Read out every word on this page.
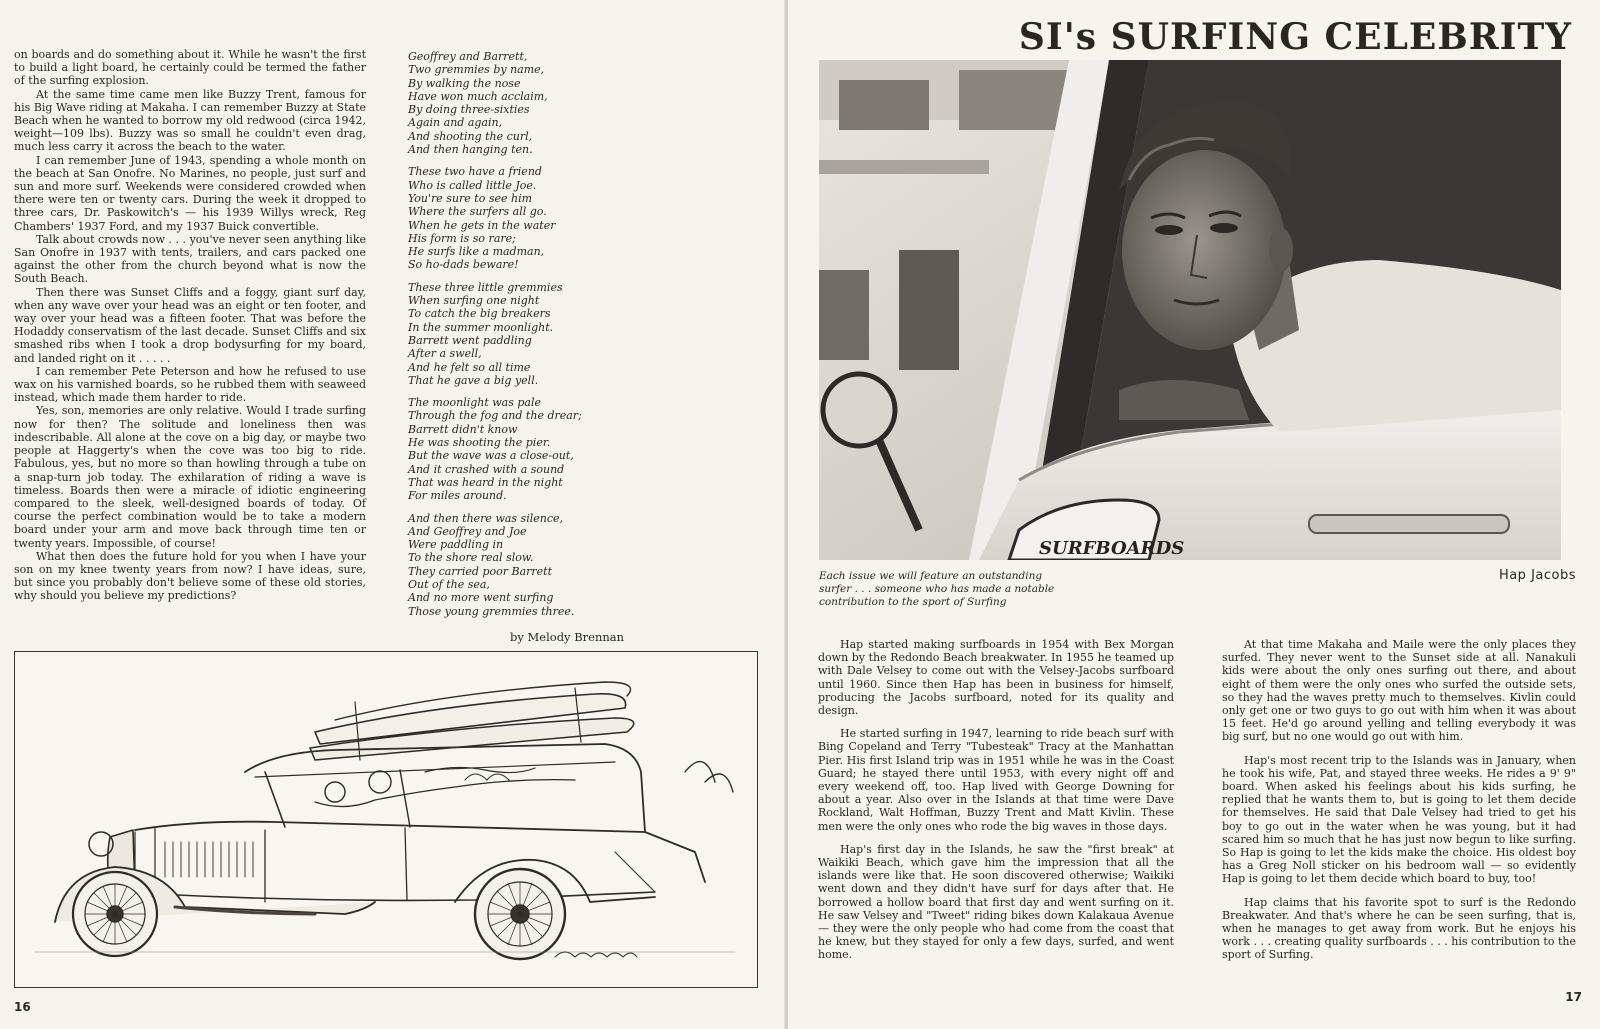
on boards and do something about it. While he wasn't the first to build a light board, he certainly could be termed the father of the surfing explosion.

At the same time came men like Buzzy Trent, famous for his Big Wave riding at Makaha. I can remember Buzzy at State Beach when he wanted to borrow my old redwood (circa 1942, weight—109 lbs). Buzzy was so small he couldn't even drag, much less carry it across the beach to the water.

I can remember June of 1943, spending a whole month on the beach at San Onofre. No Marines, no people, just surf and sun and more surf. Weekends were considered crowded when there were ten or twenty cars. During the week it dropped to three cars, Dr. Paskowitch's — his 1939 Willys wreck, Reg Chambers' 1937 Ford, and my 1937 Buick convertible.

Talk about crowds now . . . you've never seen anything like San Onofre in 1937 with tents, trailers, and cars packed one against the other from the church beyond what is now the South Beach.

Then there was Sunset Cliffs and a foggy, giant surf day, when any wave over your head was an eight or ten footer, and way over your head was a fifteen footer. That was before the Hodaddy conservatism of the last decade. Sunset Cliffs and six smashed ribs when I took a drop bodysurfing for my board, and landed right on it . . . . .

I can remember Pete Peterson and how he refused to use wax on his varnished boards, so he rubbed them with seaweed instead, which made them harder to ride.

Yes, son, memories are only relative. Would I trade surfing now for then? The solitude and loneliness then was indescribable. All alone at the cove on a big day, or maybe two people at Haggerty's when the cove was too big to ride. Fabulous, yes, but no more so than howling through a tube on a snap-turn job today. The exhilaration of riding a wave is timeless. Boards then were a miracle of idiotic engineering compared to the sleek, well-designed boards of today. Of course the perfect combination would be to take a modern board under your arm and move back through time ten or twenty years. Impossible, of course!

What then does the future hold for you when I have your son on my knee twenty years from now? I have ideas, sure, but since you probably don't believe some of these old stories, why should you believe my predictions?

Geoffrey and Barrett,
Two gremmies by name,
By walking the nose
Have won much acclaim,
By doing three-sixties
Again and again,
And shooting the curl,
And then hanging ten.
These two have a friend
Who is called little Joe.
You're sure to see him
Where the surfers all go.
When he gets in the water
His form is so rare;
He surfs like a madman,
So ho-dads beware!
These three little gremmies
When surfing one night
To catch the big breakers
In the summer moonlight.
Barrett went paddling
After a swell,
And he felt so all time
That he gave a big yell.
The moonlight was pale
Through the fog and the drear;
Barrett didn't know
He was shooting the pier.
But the wave was a close-out,
And it crashed with a sound
That was heard in the night
For miles around.
And then there was silence,
And Geoffrey and Joe
Were paddling in
To the shore real slow.
They carried poor Barrett
Out of the sea,
And no more went surfing
Those young gremmies three.
by Melody Brennan
16
SI's SURFING CELEBRITY
SURFBOARDS
Each issue we will feature an outstanding
surfer . . . someone who has made a notable
contribution to the sport of Surfing
Hap Jacobs

Hap started making surfboards in 1954 with Bex Morgan down by the Redondo Beach breakwater. In 1955 he teamed up with Dale Velsey to come out with the Velsey-Jacobs surfboard until 1960. Since then Hap has been in business for himself, producing the Jacobs surfboard, noted for its quality and design.

He started surfing in 1947, learning to ride beach surf with Bing Copeland and Terry "Tubesteak" Tracy at the Manhattan Pier. His first Island trip was in 1951 while he was in the Coast Guard; he stayed there until 1953, with every night off and every weekend off, too. Hap lived with George Downing for about a year. Also over in the Islands at that time were Dave Rockland, Walt Hoffman, Buzzy Trent and Matt Kivlin. These men were the only ones who rode the big waves in those days.

Hap's first day in the Islands, he saw the "first break" at Waikiki Beach, which gave him the impression that all the islands were like that. He soon discovered otherwise; Waikiki went down and they didn't have surf for days after that. He borrowed a hollow board that first day and went surfing on it. He saw Velsey and "Tweet" riding bikes down Kalakaua Avenue — they were the only people who had come from the coast that he knew, but they stayed for only a few days, surfed, and went home.

At that time Makaha and Maile were the only places they surfed. They never went to the Sunset side at all. Nanakuli kids were about the only ones surfing out there, and about eight of them were the only ones who surfed the outside sets, so they had the waves pretty much to themselves. Kivlin could only get one or two guys to go out with him when it was about 15 feet. He'd go around yelling and telling everybody it was big surf, but no one would go out with him.

Hap's most recent trip to the Islands was in January, when he took his wife, Pat, and stayed three weeks. He rides a 9' 9" board. When asked his feelings about his kids surfing, he replied that he wants them to, but is going to let them decide for themselves. He said that Dale Velsey had tried to get his boy to go out in the water when he was young, but it had scared him so much that he has just now begun to like surfing. So Hap is going to let the kids make the choice. His oldest boy has a Greg Noll sticker on his bedroom wall — so evidently Hap is going to let them decide which board to buy, too!

Hap claims that his favorite spot to surf is the Redondo Breakwater. And that's where he can be seen surfing, that is, when he manages to get away from work. But he enjoys his work . . . creating quality surfboards . . . his contribution to the sport of Surfing.

17
